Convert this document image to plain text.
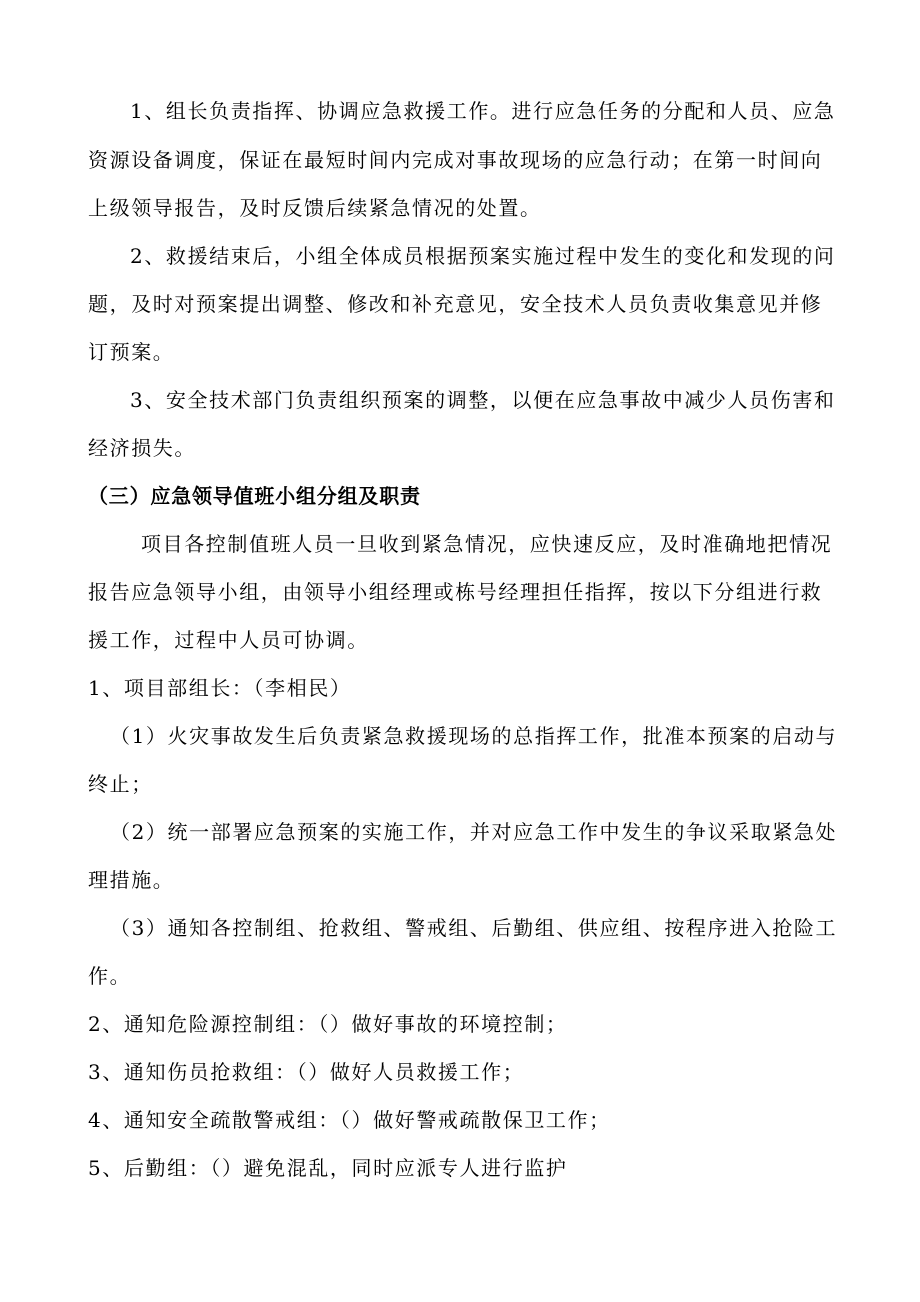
1、组长负责指挥、协调应急救援工作。进行应急任务的分配和人员、应急
资源设备调度，保证在最短时间内完成对事故现场的应急行动；在第一时间向
上级领导报告，及时反馈后续紧急情况的处置。
2、救援结束后，小组全体成员根据预案实施过程中发生的变化和发现的问
题，及时对预案提出调整、修改和补充意见，安全技术人员负责收集意见并修
订预案。
3、安全技术部门负责组织预案的调整，以便在应急事故中减少人员伤害和
经济损失。
（三）应急领导值班小组分组及职责
项目各控制值班人员一旦收到紧急情况，应快速反应，及时准确地把情况
报告应急领导小组，由领导小组经理或栋号经理担任指挥，按以下分组进行救
援工作，过程中人员可协调。
1、项目部组长：（李相民）
（1）火灾事故发生后负责紧急救援现场的总指挥工作，批准本预案的启动与
终止；
（2）统一部署应急预案的实施工作，并对应急工作中发生的争议采取紧急处
理措施。
（3）通知各控制组、抢救组、警戒组、后勤组、供应组、按程序进入抢险工
作。
2、通知危险源控制组：（）做好事故的环境控制；
3、通知伤员抢救组：（）做好人员救援工作；
4、通知安全疏散警戒组：（）做好警戒疏散保卫工作；
5、后勤组：（）避免混乱，同时应派专人进行监护
